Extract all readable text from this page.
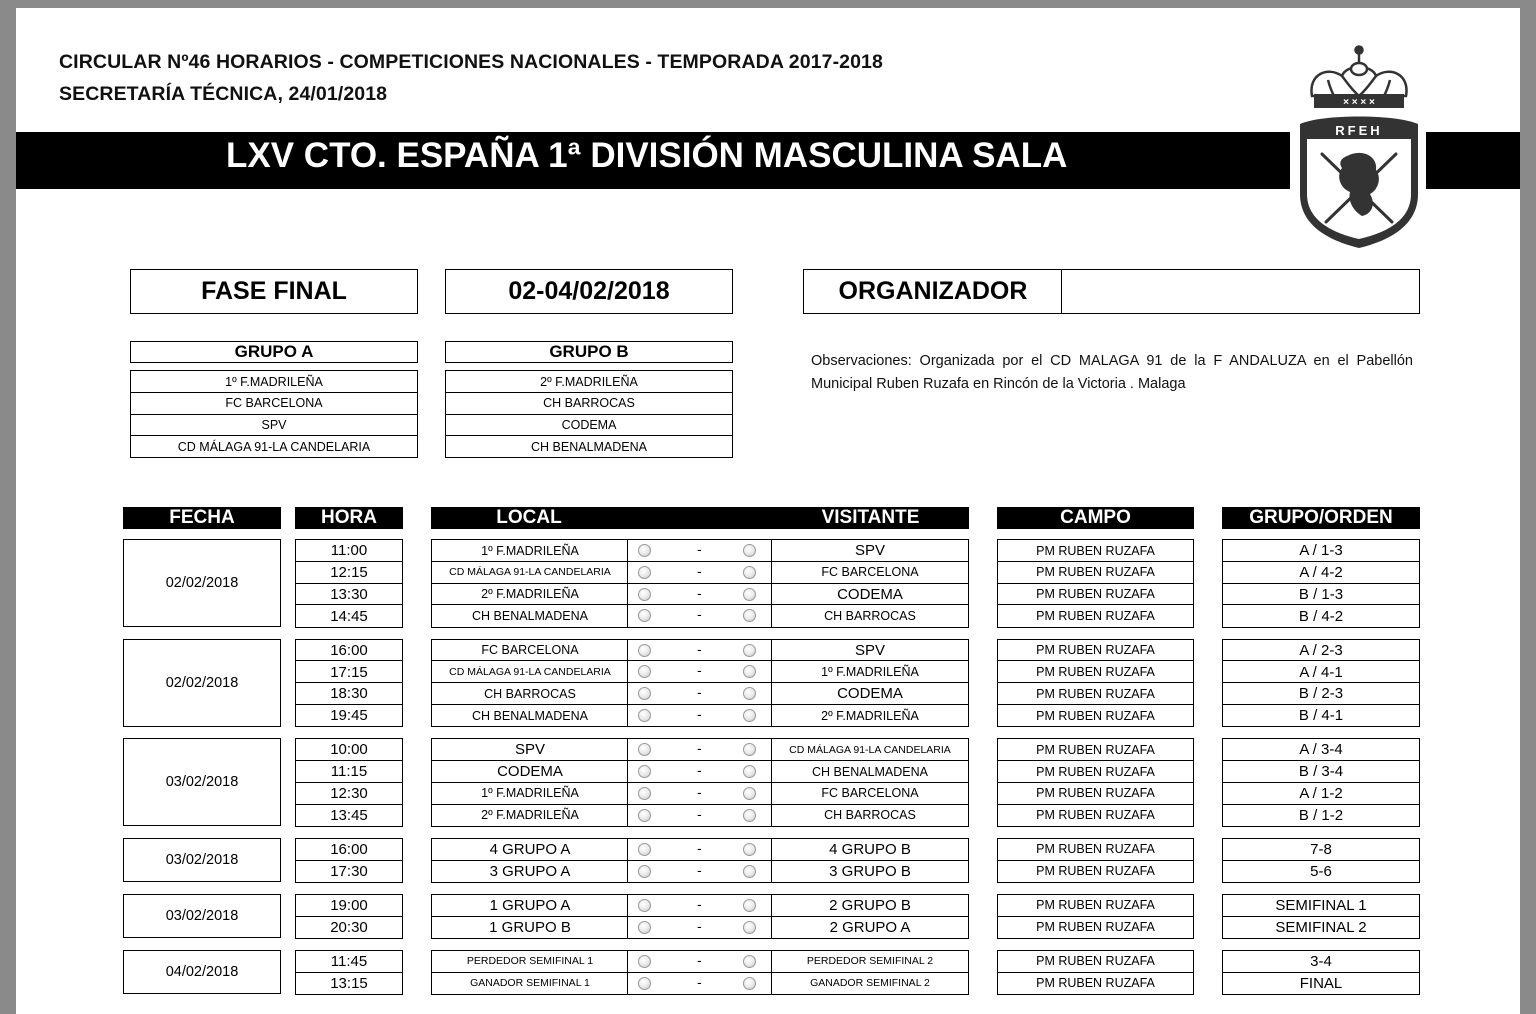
CIRCULAR Nº46 HORARIOS - COMPETICIONES NACIONALES - TEMPORADA 2017-2018
SECRETARÍA TÉCNICA, 24/01/2018
LXV CTO. ESPAÑA 1ª DIVISIÓN MASCULINA SALA
× × × ×
RFEH
FASE FINAL	02-04/02/2018	ORGANIZADOR
GRUPO A
1º F.MADRILEÑA
FC BARCELONA
SPV
CD MÁLAGA 91-LA CANDELARIA
GRUPO B
2º F.MADRILEÑA
CH BARROCAS
CODEMA
CH BENALMADENA
Observaciones: Organizada por el CD MALAGA 91 de la F ANDALUZA en el Pabellón Municipal Ruben Ruzafa en Rincón de la Victoria . Malaga
FECHA	HORA	LOCAL	VISITANTE	CAMPO	GRUPO/ORDEN
02/02/2018
11:00	1º F.MADRILEÑA	-	SPV	PM RUBEN RUZAFA	A / 1-3
12:15	CD MÁLAGA 91-LA CANDELARIA	-	FC BARCELONA	PM RUBEN RUZAFA	A / 4-2
13:30	2º F.MADRILEÑA	-	CODEMA	PM RUBEN RUZAFA	B / 1-3
14:45	CH BENALMADENA	-	CH BARROCAS	PM RUBEN RUZAFA	B / 4-2
02/02/2018
16:00	FC BARCELONA	-	SPV	PM RUBEN RUZAFA	A / 2-3
17:15	CD MÁLAGA 91-LA CANDELARIA	-	1º F.MADRILEÑA	PM RUBEN RUZAFA	A / 4-1
18:30	CH BARROCAS	-	CODEMA	PM RUBEN RUZAFA	B / 2-3
19:45	CH BENALMADENA	-	2º F.MADRILEÑA	PM RUBEN RUZAFA	B / 4-1
03/02/2018
10:00	SPV	-	CD MÁLAGA 91-LA CANDELARIA	PM RUBEN RUZAFA	A / 3-4
11:15	CODEMA	-	CH BENALMADENA	PM RUBEN RUZAFA	B / 3-4
12:30	1º F.MADRILEÑA	-	FC BARCELONA	PM RUBEN RUZAFA	A / 1-2
13:45	2º F.MADRILEÑA	-	CH BARROCAS	PM RUBEN RUZAFA	B / 1-2
03/02/2018
16:00	4 GRUPO A	-	4 GRUPO B	PM RUBEN RUZAFA	7-8
17:30	3 GRUPO A	-	3 GRUPO B	PM RUBEN RUZAFA	5-6
03/02/2018
19:00	1 GRUPO A	-	2 GRUPO B	PM RUBEN RUZAFA	SEMIFINAL 1
20:30	1 GRUPO B	-	2 GRUPO A	PM RUBEN RUZAFA	SEMIFINAL 2
04/02/2018
11:45	PERDEDOR SEMIFINAL 1	-	PERDEDOR SEMIFINAL 2	PM RUBEN RUZAFA	3-4
13:15	GANADOR SEMIFINAL 1	-	GANADOR SEMIFINAL 2	PM RUBEN RUZAFA	FINAL
